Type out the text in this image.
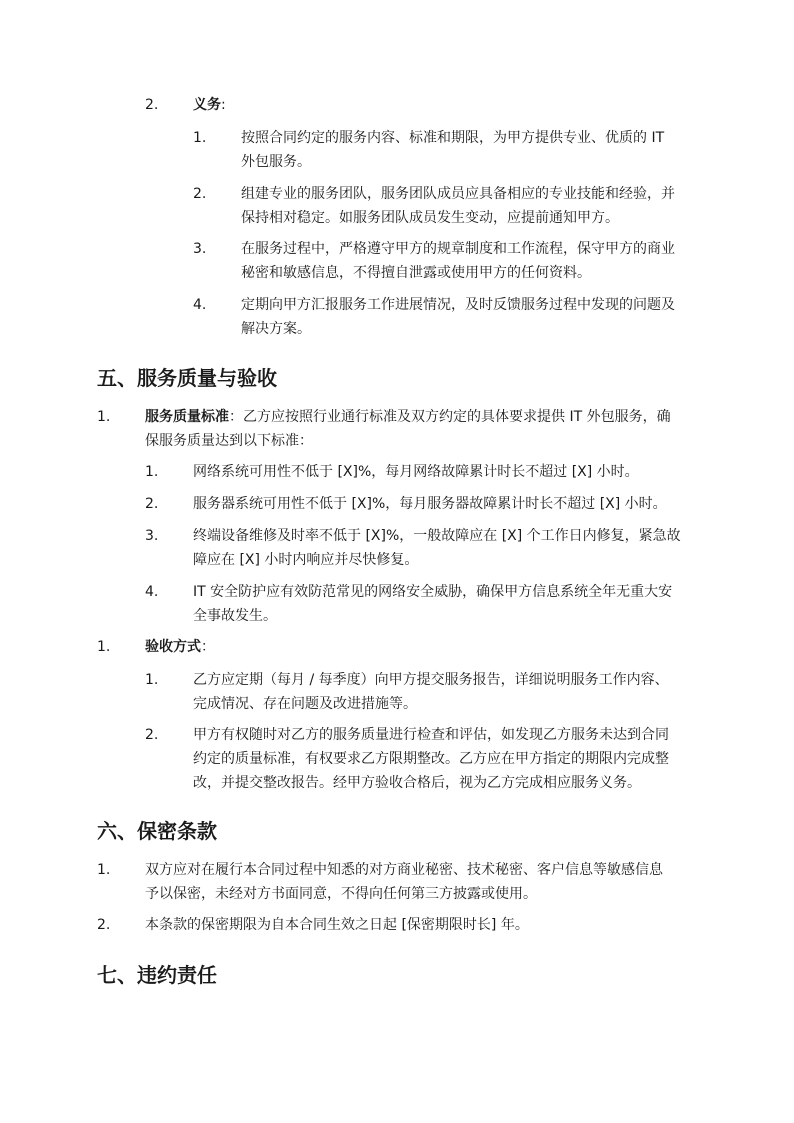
2.	义务:
1.	按照合同约定的服务内容、标准和期限，为甲方提供专业、优质的 IT
外包服务。
2.	组建专业的服务团队，服务团队成员应具备相应的专业技能和经验，并
保持相对稳定。如服务团队成员发生变动，应提前通知甲方。
3.	在服务过程中，严格遵守甲方的规章制度和工作流程，保守甲方的商业
秘密和敏感信息，不得擅自泄露或使用甲方的任何资料。
4.	定期向甲方汇报服务工作进展情况，及时反馈服务过程中发现的问题及
解决方案。
五、服务质量与验收
1.	服务质量标准：乙方应按照行业通行标准及双方约定的具体要求提供 IT 外包服务，确
保服务质量达到以下标准：
1.	网络系统可用性不低于 [X]%，每月网络故障累计时长不超过 [X] 小时。
2.	服务器系统可用性不低于 [X]%，每月服务器故障累计时长不超过 [X] 小时。
3.	终端设备维修及时率不低于 [X]%，一般故障应在 [X] 个工作日内修复，紧急故
障应在 [X] 小时内响应并尽快修复。
4.	IT 安全防护应有效防范常见的网络安全威胁，确保甲方信息系统全年无重大安
全事故发生。
1.	验收方式：
1.	乙方应定期（每月 / 每季度）向甲方提交服务报告，详细说明服务工作内容、
完成情况、存在问题及改进措施等。
2.	甲方有权随时对乙方的服务质量进行检查和评估，如发现乙方服务未达到合同
约定的质量标准，有权要求乙方限期整改。乙方应在甲方指定的期限内完成整
改，并提交整改报告。经甲方验收合格后，视为乙方完成相应服务义务。
六、保密条款
1.	双方应对在履行本合同过程中知悉的对方商业秘密、技术秘密、客户信息等敏感信息
予以保密，未经对方书面同意，不得向任何第三方披露或使用。
2.	本条款的保密期限为自本合同生效之日起 [保密期限时长] 年。
七、违约责任
